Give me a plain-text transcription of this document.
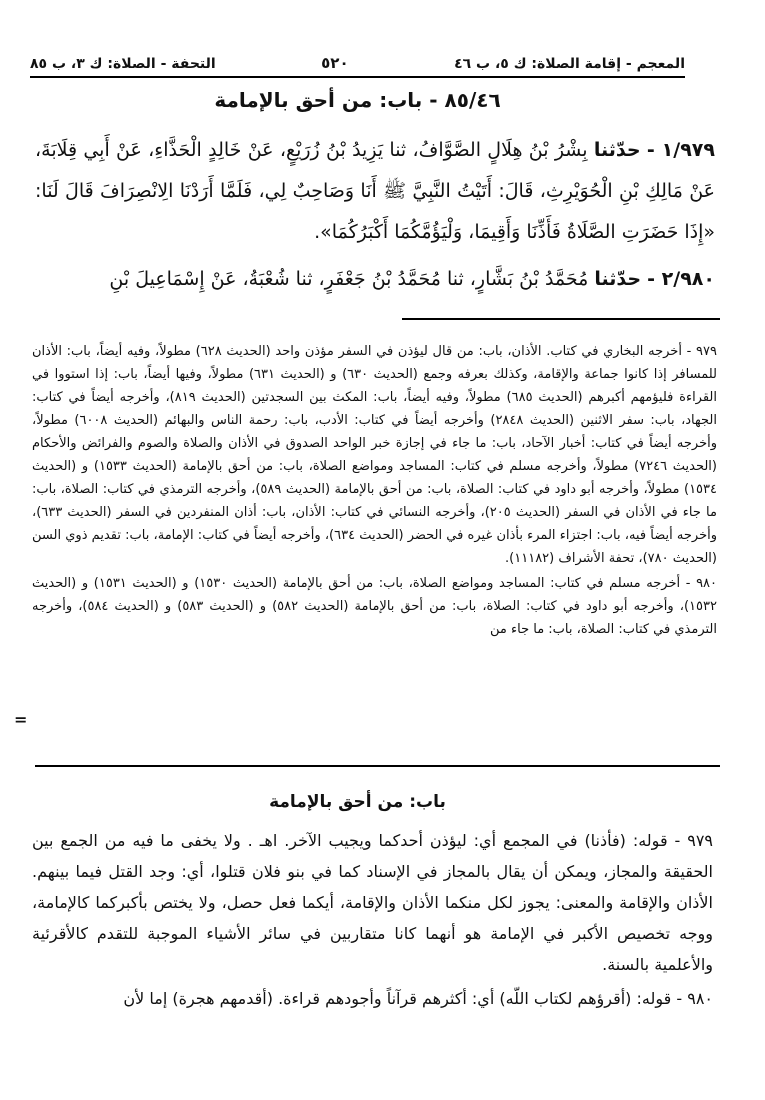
المعجم - إقامة الصلاة: ك ٥، ب ٤٦
٥٢٠
التحفة - الصلاة: ك ٣، ب ٨٥
٨٥/٤٦ - باب: من أحق بالإمامة

١/٩٧٩ - حدّثنا بِشْرُ بْنُ هِلَالٍ الصَّوَّافُ، ثنا يَزِيدُ بْنُ زُرَيْعٍ، عَنْ خَالِدٍ الْحَذَّاءِ، عَنْ أَبِي قِلَابَةَ، عَنْ مَالِكِ بْنِ الْحُوَيْرِثِ، قَالَ: أَتَيْتُ النَّبِيَّ ﷺ أَنَا وَصَاحِبٌ لِي، فَلَمَّا أَرَدْنَا الِانْصِرَافَ قَالَ لَنَا: «إِذَا حَضَرَتِ الصَّلَاةُ فَأَذِّنَا وَأَقِيمَا، وَلْيَؤُمَّكُمَا أَكْبَرُكُمَا».

٢/٩٨٠ - حدّثنا مُحَمَّدُ بْنُ بَشَّارٍ، ثنا مُحَمَّدُ بْنُ جَعْفَرٍ، ثنا شُعْبَةُ، عَنْ إِسْمَاعِيلَ بْنِ

٩٧٩ - أخرجه البخاري في كتاب. الأذان، باب: من قال ليؤذن في السفر مؤذن واحد (الحديث ٦٢٨) مطولاً، وفيه أيضاً، باب: الأذان للمسافر إذا كانوا جماعة والإقامة، وكذلك بعرفه وجمع (الحديث ٦٣٠) و (الحديث ٦٣١) مطولاً، وفيها أيضاً، باب: إذا استووا في القراءة فليؤمهم أكبرهم (الحديث ٦٨٥) مطولاً، وفيه أيضاً، باب: المكث بين السجدتين (الحديث ٨١٩)، وأخرجه أيضاً في كتاب: الجهاد، باب: سفر الاثنين (الحديث ٢٨٤٨) وأخرجه أيضاً في كتاب: الأدب، باب: رحمة الناس والبهائم (الحديث ٦٠٠٨) مطولاً، وأخرجه أيضاً في كتاب: أخبار الآحاد، باب: ما جاء في إجازة خبر الواحد الصدوق في الأذان والصلاة والصوم والفرائض والأحكام (الحديث ٧٢٤٦) مطولاً، وأخرجه مسلم في كتاب: المساجد ومواضع الصلاة، باب: من أحق بالإمامة (الحديث ١٥٣٣) و (الحديث ١٥٣٤) مطولاً، وأخرجه أبو داود في كتاب: الصلاة، باب: من أحق بالإمامة (الحديث ٥٨٩)، وأخرجه الترمذي في كتاب: الصلاة، باب: ما جاء في الأذان في السفر (الحديث ٢٠٥)، وأخرجه النسائي في كتاب: الأذان، باب: أذان المنفردين في السفر (الحديث ٦٣٣)، وأخرجه أيضاً فيه، باب: اجتزاء المرء بأذان غيره في الحضر (الحديث ٦٣٤)، وأخرجه أيضاً في كتاب: الإمامة، باب: تقديم ذوي السن (الحديث ٧٨٠)، تحفة الأشراف (١١١٨٢).

٩٨٠ - أخرجه مسلم في كتاب: المساجد ومواضع الصلاة، باب: من أحق بالإمامة (الحديث ١٥٣٠) و (الحديث ١٥٣١) و (الحديث ١٥٣٢)، وأخرجه أبو داود في كتاب: الصلاة، باب: من أحق بالإمامة (الحديث ٥٨٢) و (الحديث ٥٨٣) و (الحديث ٥٨٤)، وأخرجه الترمذي في كتاب: الصلاة، باب: ما جاء من

=
باب: من أحق بالإمامة

٩٧٩ - قوله: (فأذنا) في المجمع أي: ليؤذن أحدكما ويجيب الآخر. اهـ . ولا يخفى ما فيه من الجمع بين الحقيقة والمجاز، ويمكن أن يقال بالمجاز في الإسناد كما في بنو فلان قتلوا، أي: وجد القتل فيما بينهم. الأذان والإقامة والمعنى: يجوز لكل منكما الأذان والإقامة، أيكما فعل حصل، ولا يختص بأكبركما كالإمامة، ووجه تخصيص الأكبر في الإمامة هو أنهما كانا متقاربين في سائر الأشياء الموجبة للتقدم كالأقرئية والأعلمية بالسنة.

٩٨٠ - قوله: (أقرؤهم لكتاب اللّه) أي: أكثرهم قرآناً وأجودهم قراءة. (أقدمهم هجرة) إما لأن
